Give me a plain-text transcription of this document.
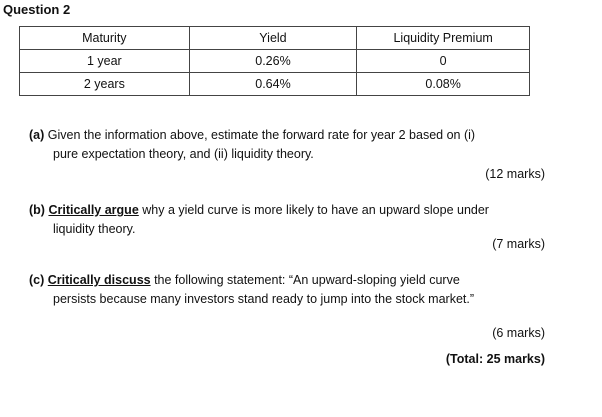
Question 2
Maturity	Yield	Liquidity Premium
1 year	0.26%	0
2 years	0.64%	0.08%
(a) Given the information above, estimate the forward rate for year 2 based on (i)
pure expectation theory, and (ii) liquidity theory.
(12 marks)
(b) Critically argue why a yield curve is more likely to have an upward slope under
liquidity theory.
(7 marks)
(c) Critically discuss the following statement: “An upward-sloping yield curve
persists because many investors stand ready to jump into the stock market.”
(6 marks)
(Total: 25 marks)
